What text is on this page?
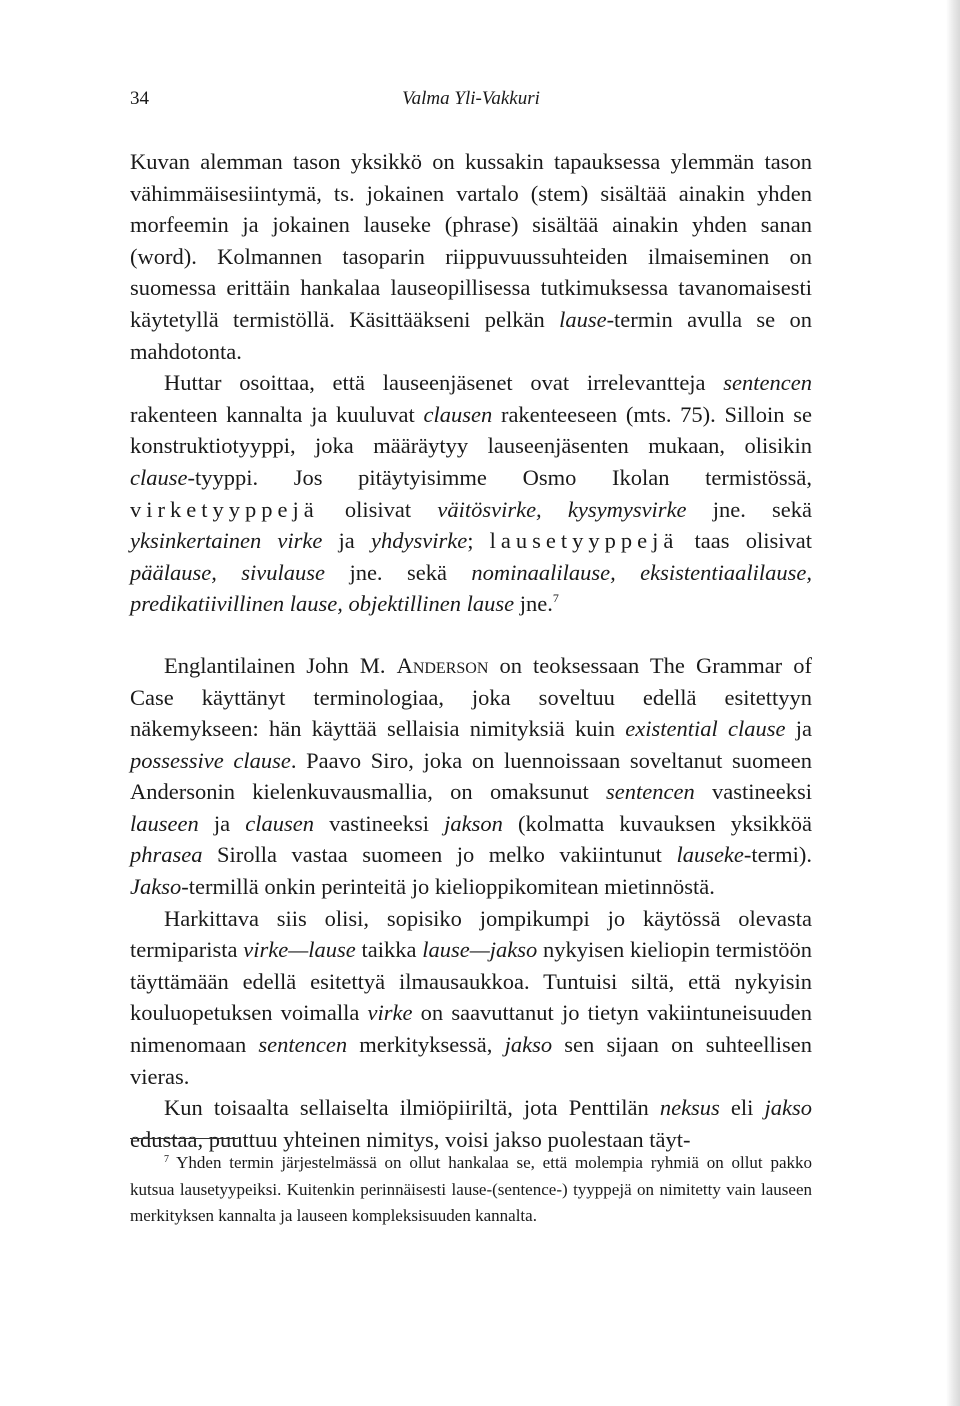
34	Valma Yli-Vakkuri

Kuvan alemman tason yksikkö on kussakin tapauksessa ylemmän tason vähimmäisesiintymä, ts. jokainen vartalo (stem) sisältää ainakin yhden morfeemin ja jokainen lauseke (phrase) sisältää ainakin yhden sanan (word). Kolmannen tasoparin riippuvuussuhteiden ilmaiseminen on suomessa erittäin hankalaa lauseopillisessa tutkimuksessa tavanomaisesti käytetyllä termistöllä. Käsittääkseni pelkän lause-termin avulla se on mahdotonta.

Huttar osoittaa, että lauseenjäsenet ovat irrelevantteja sentencen rakenteen kannalta ja kuuluvat clausen rakenteeseen (mts. 75). Silloin se konstruktiotyyppi, joka määräytyy lauseenjäsenten mukaan, olisikin clause-tyyppi. Jos pitäytyisimme Osmo Ikolan termistössä, virketyyppejä olisivat väitösvirke, kysymysvirke jne. sekä yksinkertainen virke ja yhdysvirke; lausetyyppejä taas olisivat päälause, sivulause jne. sekä nominaalilause, eksistentiaalilause, predikatiivillinen lause, objektillinen lause jne.$^7$

Englantilainen John M. Anderson on teoksessaan The Grammar of Case käyttänyt terminologiaa, joka soveltuu edellä esitettyyn näkemykseen: hän käyttää sellaisia nimityksiä kuin existential clause ja possessive clause. Paavo Siro, joka on luennoissaan soveltanut suomeen Andersonin kielenkuvausmallia, on omaksunut sentencen vastineeksi lauseen ja clausen vastineeksi jakson (kolmatta kuvauksen yksikköä phrasea Sirolla vastaa suomeen jo melko vakiintunut lauseke-termi). Jakso-termillä onkin perinteitä jo kielioppikomitean mietinnöstä.

Harkittava siis olisi, sopisiko jompikumpi jo käytössä olevasta termiparista virke—lause taikka lause—jakso nykyisen kieliopin termistöön täyttämään edellä esitettyä ilmausaukkoa. Tuntuisi siltä, että nykyisin kouluopetuksen voimalla virke on saavuttanut jo tietyn vakiintuneisuuden nimenomaan sentencen merkityksessä, jakso sen sijaan on suhteellisen vieras.

Kun toisaalta sellaiselta ilmiöpiiriltä, jota Penttilän neksus eli jakso edustaa, puuttuu yhteinen nimitys, voisi jakso puolestaan täyt-

$^7$ Yhden termin järjestelmässä on ollut hankalaa se, että molempia ryhmiä on ollut pakko kutsua lausetyypeiksi. Kuitenkin perinnäisesti lause-(sentence-) tyyppejä on nimitetty vain lauseen merkityksen kannalta ja lauseen kompleksisuuden kannalta.
